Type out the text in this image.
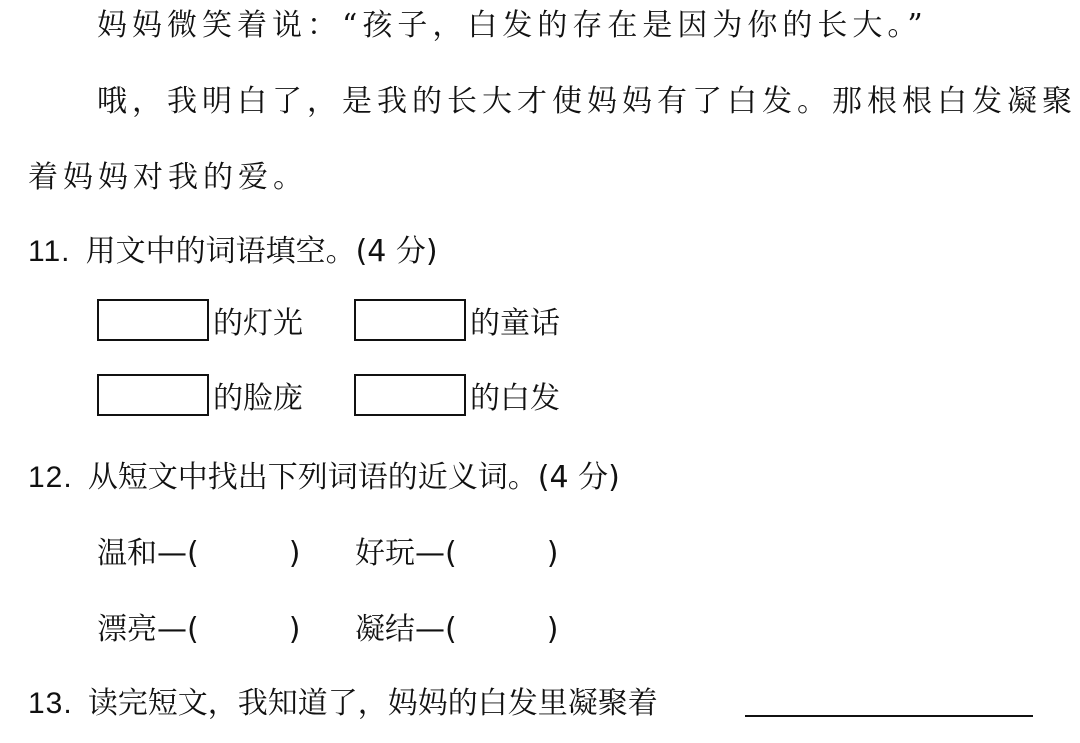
妈妈微笑着说：“孩子，白发的存在是因为你的长大。”
哦，我明白了，是我的长大才使妈妈有了白发。那根根白发凝聚
着妈妈对我的爱。
11. 用文中的词语填空。(4 分)
的灯光	的童话
的脸庞	的白发
12. 从短文中找出下列词语的近义词。(4 分)
温和—(	) 好玩—(	)
漂亮—(	) 凝结—(	)
13. 读完短文，我知道了，妈妈的白发里凝聚着
